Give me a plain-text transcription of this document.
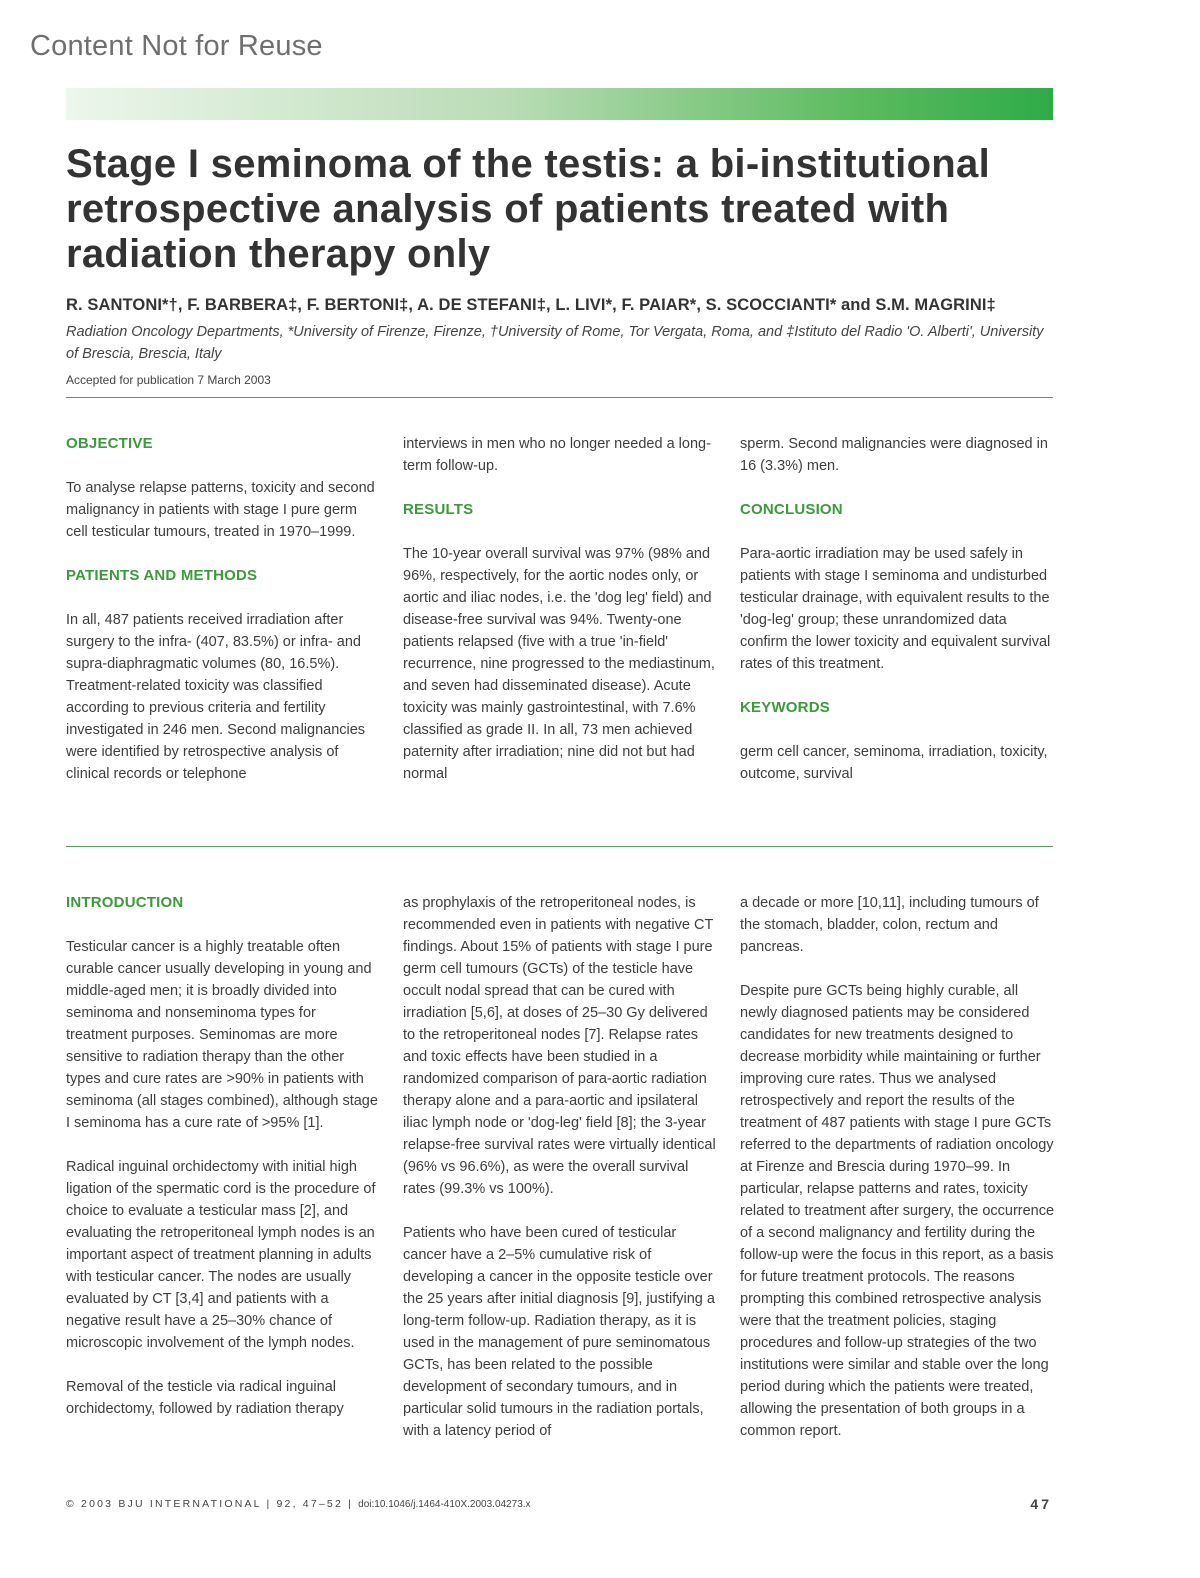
Content Not for Reuse
Stage I seminoma of the testis: a bi-institutional retrospective analysis of patients treated with radiation therapy only
R. SANTONI*†, F. BARBERA‡, F. BERTONI‡, A. DE STEFANI‡, L. LIVI*, F. PAIAR*, S. SCOCCIANTI* and S.M. MAGRINI‡
Radiation Oncology Departments, *University of Firenze, Firenze, †University of Rome, Tor Vergata, Roma, and ‡Istituto del Radio 'O. Alberti', University of Brescia, Brescia, Italy
Accepted for publication 7 March 2003
OBJECTIVE

To analyse relapse patterns, toxicity and second malignancy in patients with stage I pure germ cell testicular tumours, treated in 1970–1999.

PATIENTS AND METHODS

In all, 487 patients received irradiation after surgery to the infra- (407, 83.5%) or infra- and supra-diaphragmatic volumes (80, 16.5%). Treatment-related toxicity was classified according to previous criteria and fertility investigated in 246 men. Second malignancies were identified by retrospective analysis of clinical records or telephone

interviews in men who no longer needed a long-term follow-up.

RESULTS

The 10-year overall survival was 97% (98% and 96%, respectively, for the aortic nodes only, or aortic and iliac nodes, i.e. the 'dog leg' field) and disease-free survival was 94%. Twenty-one patients relapsed (five with a true 'in-field' recurrence, nine progressed to the mediastinum, and seven had disseminated disease). Acute toxicity was mainly gastrointestinal, with 7.6% classified as grade II. In all, 73 men achieved paternity after irradiation; nine did not but had normal

sperm. Second malignancies were diagnosed in 16 (3.3%) men.

CONCLUSION

Para-aortic irradiation may be used safely in patients with stage I seminoma and undisturbed testicular drainage, with equivalent results to the 'dog-leg' group; these unrandomized data confirm the lower toxicity and equivalent survival rates of this treatment.

KEYWORDS

germ cell cancer, seminoma, irradiation, toxicity, outcome, survival

INTRODUCTION

Testicular cancer is a highly treatable often curable cancer usually developing in young and middle-aged men; it is broadly divided into seminoma and nonseminoma types for treatment purposes. Seminomas are more sensitive to radiation therapy than the other types and cure rates are >90% in patients with seminoma (all stages combined), although stage I seminoma has a cure rate of >95% [1].

Radical inguinal orchidectomy with initial high ligation of the spermatic cord is the procedure of choice to evaluate a testicular mass [2], and evaluating the retroperitoneal lymph nodes is an important aspect of treatment planning in adults with testicular cancer. The nodes are usually evaluated by CT [3,4] and patients with a negative result have a 25–30% chance of microscopic involvement of the lymph nodes.

Removal of the testicle via radical inguinal orchidectomy, followed by radiation therapy

as prophylaxis of the retroperitoneal nodes, is recommended even in patients with negative CT findings. About 15% of patients with stage I pure germ cell tumours (GCTs) of the testicle have occult nodal spread that can be cured with irradiation [5,6], at doses of 25–30 Gy delivered to the retroperitoneal nodes [7]. Relapse rates and toxic effects have been studied in a randomized comparison of para-aortic radiation therapy alone and a para-aortic and ipsilateral iliac lymph node or 'dog-leg' field [8]; the 3-year relapse-free survival rates were virtually identical (96% vs 96.6%), as were the overall survival rates (99.3% vs 100%).

Patients who have been cured of testicular cancer have a 2–5% cumulative risk of developing a cancer in the opposite testicle over the 25 years after initial diagnosis [9], justifying a long-term follow-up. Radiation therapy, as it is used in the management of pure seminomatous GCTs, has been related to the possible development of secondary tumours, and in particular solid tumours in the radiation portals, with a latency period of

a decade or more [10,11], including tumours of the stomach, bladder, colon, rectum and pancreas.

Despite pure GCTs being highly curable, all newly diagnosed patients may be considered candidates for new treatments designed to decrease morbidity while maintaining or further improving cure rates. Thus we analysed retrospectively and report the results of the treatment of 487 patients with stage I pure GCTs referred to the departments of radiation oncology at Firenze and Brescia during 1970–99. In particular, relapse patterns and rates, toxicity related to treatment after surgery, the occurrence of a second malignancy and fertility during the follow-up were the focus in this report, as a basis for future treatment protocols. The reasons prompting this combined retrospective analysis were that the treatment policies, staging procedures and follow-up strategies of the two institutions were similar and stable over the long period during which the patients were treated, allowing the presentation of both groups in a common report.

© 2003 BJU INTERNATIONAL | 92, 47–52 | doi:10.1046/j.1464-410X.2003.04273.x	47
